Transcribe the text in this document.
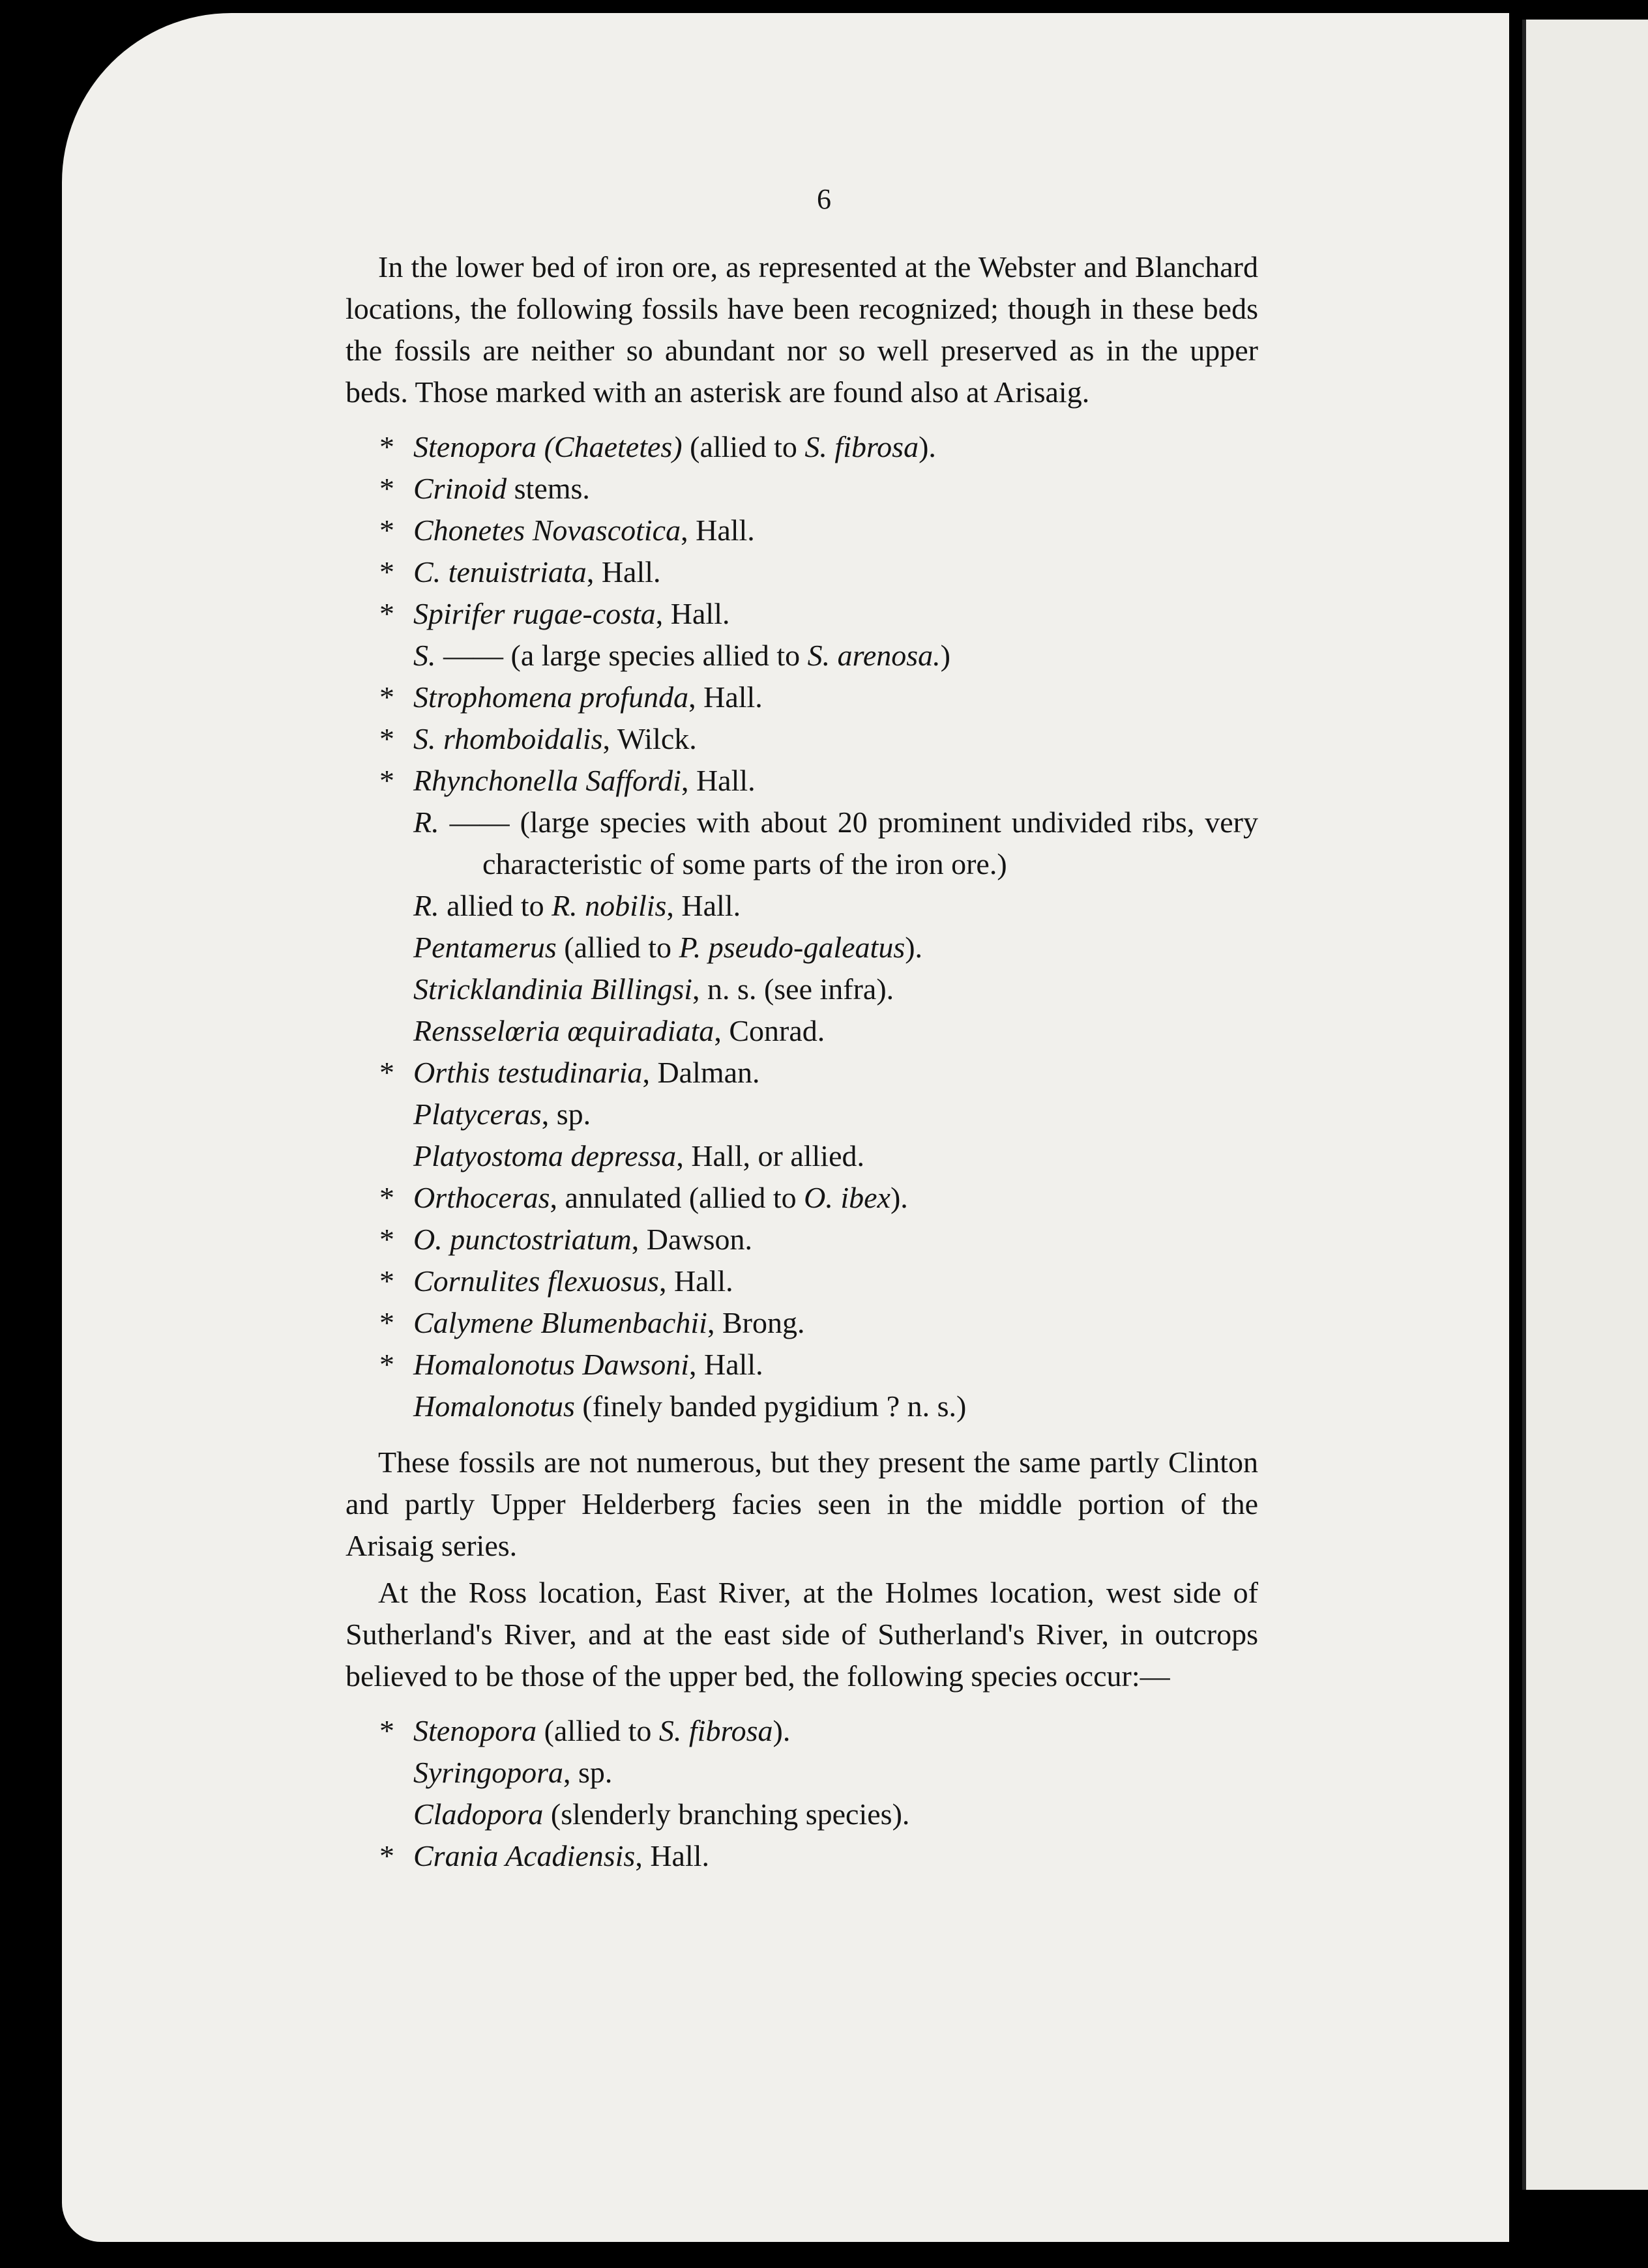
6

In the lower bed of iron ore, as represented at the Webster and Blanchard locations, the following fossils have been recognized; though in these beds the fossils are neither so abundant nor so well preserved as in the upper beds. Those marked with an asterisk are found also at Arisaig.

* Stenopora (Chaetetes) (allied to S. fibrosa).
* Crinoid stems.
* Chonetes Novascotica, Hall.
* C. tenuistriata, Hall.
* Spirifer rugae-costa, Hall.
S. —— (a large species allied to S. arenosa.)
* Strophomena profunda, Hall.
* S. rhomboidalis, Wilck.
* Rhynchonella Saffordi, Hall.
R. —— (large species with about 20 prominent undivided ribs, very characteristic of some parts of the iron ore.)
R. allied to R. nobilis, Hall.
Pentamerus (allied to P. pseudo-galeatus).
Stricklandinia Billingsi, n. s. (see infra).
Rensselœria œquiradiata, Conrad.
* Orthis testudinaria, Dalman.
Platyceras, sp.
Platyostoma depressa, Hall, or allied.
* Orthoceras, annulated (allied to O. ibex).
* O. punctostriatum, Dawson.
* Cornulites flexuosus, Hall.
* Calymene Blumenbachii, Brong.
* Homalonotus Dawsoni, Hall.
Homalonotus (finely banded pygidium ? n. s.)

These fossils are not numerous, but they present the same partly Clinton and partly Upper Helderberg facies seen in the middle portion of the Arisaig series.

At the Ross location, East River, at the Holmes location, west side of Sutherland's River, and at the east side of Sutherland's River, in outcrops believed to be those of the upper bed, the following species occur:—

* Stenopora (allied to S. fibrosa).
Syringopora, sp.
Cladopora (slenderly branching species).
* Crania Acadiensis, Hall.
